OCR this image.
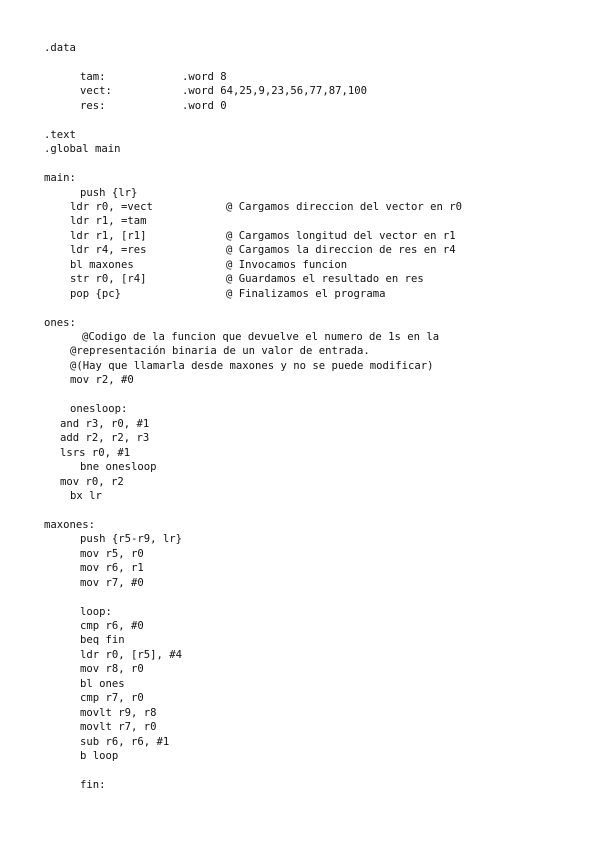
.data
tam:	.word 8
vect:	.word 64,25,9,23,56,77,87,100
res:	.word 0
.text
.global main
main:
push {lr}
ldr r0, =vect	@ Cargamos direccion del vector en r0
ldr r1, =tam
ldr r1, [r1]	@ Cargamos longitud del vector en r1
ldr r4, =res	@ Cargamos la direccion de res en r4
bl maxones	@ Invocamos funcion
str r0, [r4]	@ Guardamos el resultado en res
pop {pc}	@ Finalizamos el programa
ones:
@Codigo de la funcion que devuelve el numero de 1s en la
@representación binaria de un valor de entrada.
@(Hay que llamarla desde maxones y no se puede modificar)
mov r2, #0
onesloop:
and r3, r0, #1
add r2, r2, r3
lsrs r0, #1
bne onesloop
mov r0, r2
bx lr
maxones:
push {r5-r9, lr}
mov r5, r0
mov r6, r1
mov r7, #0
loop:
cmp r6, #0
beq fin
ldr r0, [r5], #4
mov r8, r0
bl ones
cmp r7, r0
movlt r9, r8
movlt r7, r0
sub r6, r6, #1
b loop
fin:
